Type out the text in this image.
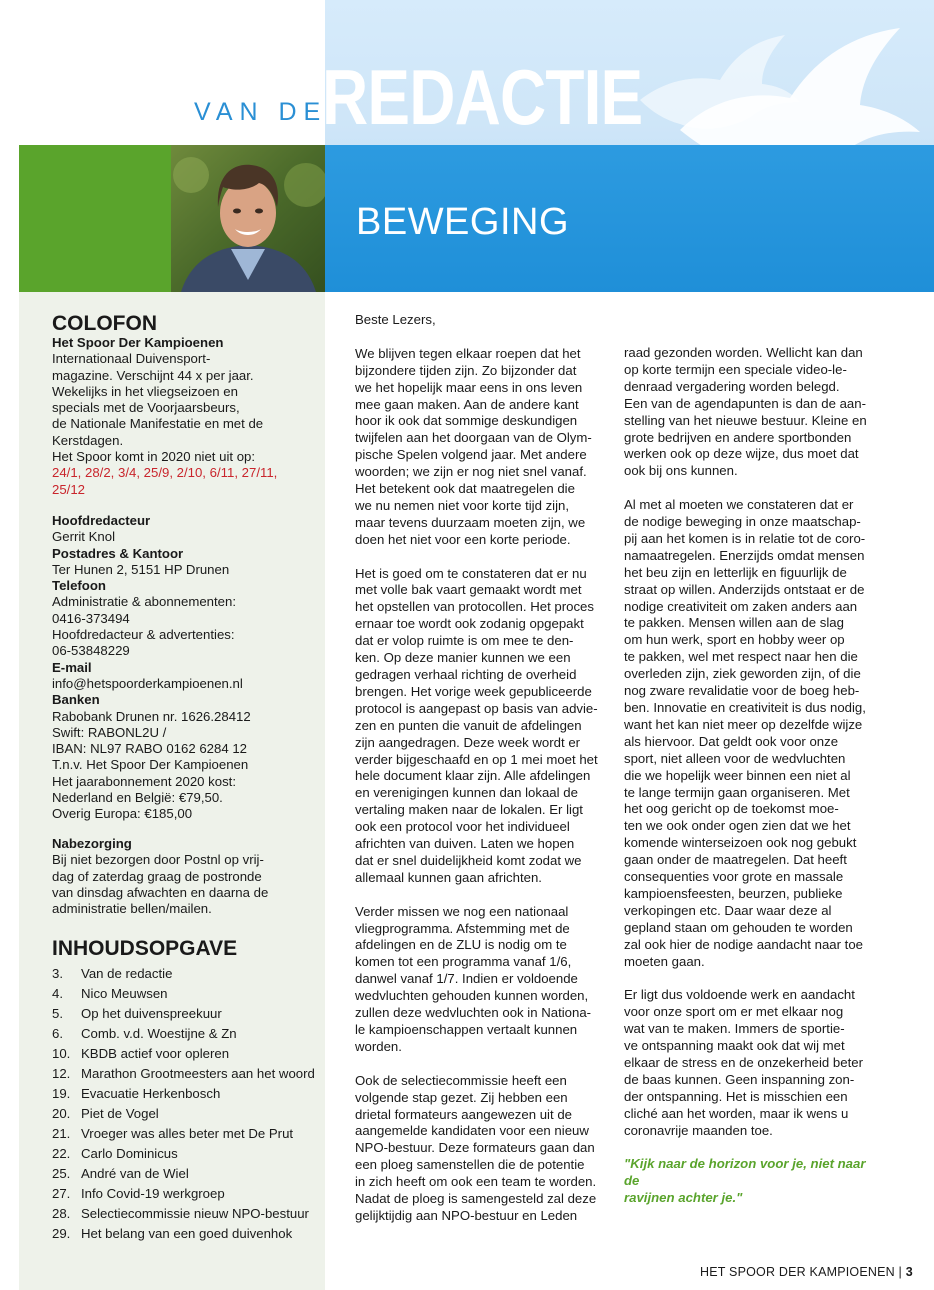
VAN DE
REDACTIE
BEWEGING
COLOFON

Het Spoor Der Kampioenen

Internationaal Duivensport-

magazine. Verschijnt 44 x per jaar.

Wekelijks in het vliegseizoen en

specials met de Voorjaarsbeurs,

de Nationale Manifestatie en met de

Kerstdagen.

Het Spoor komt in 2020 niet uit op:

24/1, 28/2, 3/4, 25/9, 2/10, 6/11, 27/11,

25/12

Hoofdredacteur

Gerrit Knol

Postadres & Kantoor

Ter Hunen 2, 5151 HP Drunen

Telefoon

Administratie & abonnementen:

0416-373494

Hoofdredacteur & advertenties:

06-53848229

E-mail

info@hetspoorderkampioenen.nl

Banken

Rabobank Drunen nr. 1626.28412

Swift: RABONL2U /

IBAN: NL97 RABO 0162 6284 12

T.n.v. Het Spoor Der Kampioenen

Het jaarabonnement 2020 kost:

Nederland en België: €79,50.

Overig Europa: €185,00

Nabezorging

Bij niet bezorgen door Postnl op vrij-

dag of zaterdag graag de postronde

van dinsdag afwachten en daarna de

administratie bellen/mailen.

INHOUDSOPGAVE
3.	Van de redactie
4.	Nico Meuwsen
5.	Op het duivenspreekuur
6.	Comb. v.d. Woestijne & Zn
10. KBDB actief voor opleren
12. Marathon Grootmeesters aan het woord
19. Evacuatie Herkenbosch
20. Piet de Vogel
21. Vroeger was alles beter met De Prut
22. Carlo Dominicus
25. André van de Wiel
27. Info Covid-19 werkgroep
28. Selectiecommissie nieuw NPO-bestuur
29. Het belang van een goed duivenhok

Beste Lezers,

We blijven tegen elkaar roepen dat het
bijzondere tijden zijn. Zo bijzonder dat
we het hopelijk maar eens in ons leven
mee gaan maken. Aan de andere kant
hoor ik ook dat sommige deskundigen
twijfelen aan het doorgaan van de Olym-
pische Spelen volgend jaar. Met andere
woorden; we zijn er nog niet snel vanaf.
Het betekent ook dat maatregelen die
we nu nemen niet voor korte tijd zijn,
maar tevens duurzaam moeten zijn, we
doen het niet voor een korte periode.

Het is goed om te constateren dat er nu
met volle bak vaart gemaakt wordt met
het opstellen van protocollen. Het proces
ernaar toe wordt ook zodanig opgepakt
dat er volop ruimte is om mee te den-
ken. Op deze manier kunnen we een
gedragen verhaal richting de overheid
brengen. Het vorige week gepubliceerde
protocol is aangepast op basis van advie-
zen en punten die vanuit de afdelingen
zijn aangedragen. Deze week wordt er
verder bijgeschaafd en op 1 mei moet het
hele document klaar zijn. Alle afdelingen
en verenigingen kunnen dan lokaal de
vertaling maken naar de lokalen. Er ligt
ook een protocol voor het individueel
africhten van duiven. Laten we hopen
dat er snel duidelijkheid komt zodat we
allemaal kunnen gaan africhten.

Verder missen we nog een nationaal
vliegprogramma. Afstemming met de
afdelingen en de ZLU is nodig om te
komen tot een programma vanaf 1/6,
danwel vanaf 1/7. Indien er voldoende
wedvluchten gehouden kunnen worden,
zullen deze wedvluchten ook in Nationa-
le kampioenschappen vertaalt kunnen
worden.

Ook de selectiecommissie heeft een
volgende stap gezet. Zij hebben een
drietal formateurs aangewezen uit de
aangemelde kandidaten voor een nieuw
NPO-bestuur. Deze formateurs gaan dan
een ploeg samenstellen die de potentie
in zich heeft om ook een team te worden.
Nadat de ploeg is samengesteld zal deze
gelijktijdig aan NPO-bestuur en Leden

raad gezonden worden. Wellicht kan dan
op korte termijn een speciale video-le-
denraad vergadering worden belegd.
Een van de agendapunten is dan de aan-
stelling van het nieuwe bestuur. Kleine en
grote bedrijven en andere sportbonden
werken ook op deze wijze, dus moet dat
ook bij ons kunnen.

Al met al moeten we constateren dat er
de nodige beweging in onze maatschap-
pij aan het komen is in relatie tot de coro-
namaatregelen. Enerzijds omdat mensen
het beu zijn en letterlijk en figuurlijk de
straat op willen. Anderzijds ontstaat er de
nodige creativiteit om zaken anders aan
te pakken. Mensen willen aan de slag
om hun werk, sport en hobby weer op
te pakken, wel met respect naar hen die
overleden zijn, ziek geworden zijn, of die
nog zware revalidatie voor de boeg heb-
ben. Innovatie en creativiteit is dus nodig,
want het kan niet meer op dezelfde wijze
als hiervoor. Dat geldt ook voor onze
sport, niet alleen voor de wedvluchten
die we hopelijk weer binnen een niet al
te lange termijn gaan organiseren. Met
het oog gericht op de toekomst moe-
ten we ook onder ogen zien dat we het
komende winterseizoen ook nog gebukt
gaan onder de maatregelen. Dat heeft
consequenties voor grote en massale
kampioensfeesten, beurzen, publieke
verkopingen etc. Daar waar deze al
gepland staan om gehouden te worden
zal ook hier de nodige aandacht naar toe
moeten gaan.

Er ligt dus voldoende werk en aandacht
voor onze sport om er met elkaar nog
wat van te maken. Immers de sportie-
ve ontspanning maakt ook dat wij met
elkaar de stress en de onzekerheid beter
de baas kunnen. Geen inspanning zon-
der ontspanning. Het is misschien een
cliché aan het worden, maar ik wens u
coronavrije maanden toe.

"Kijk naar de horizon voor je, niet naar de
ravijnen achter je."

HET SPOOR DER KAMPIOENEN | 3
